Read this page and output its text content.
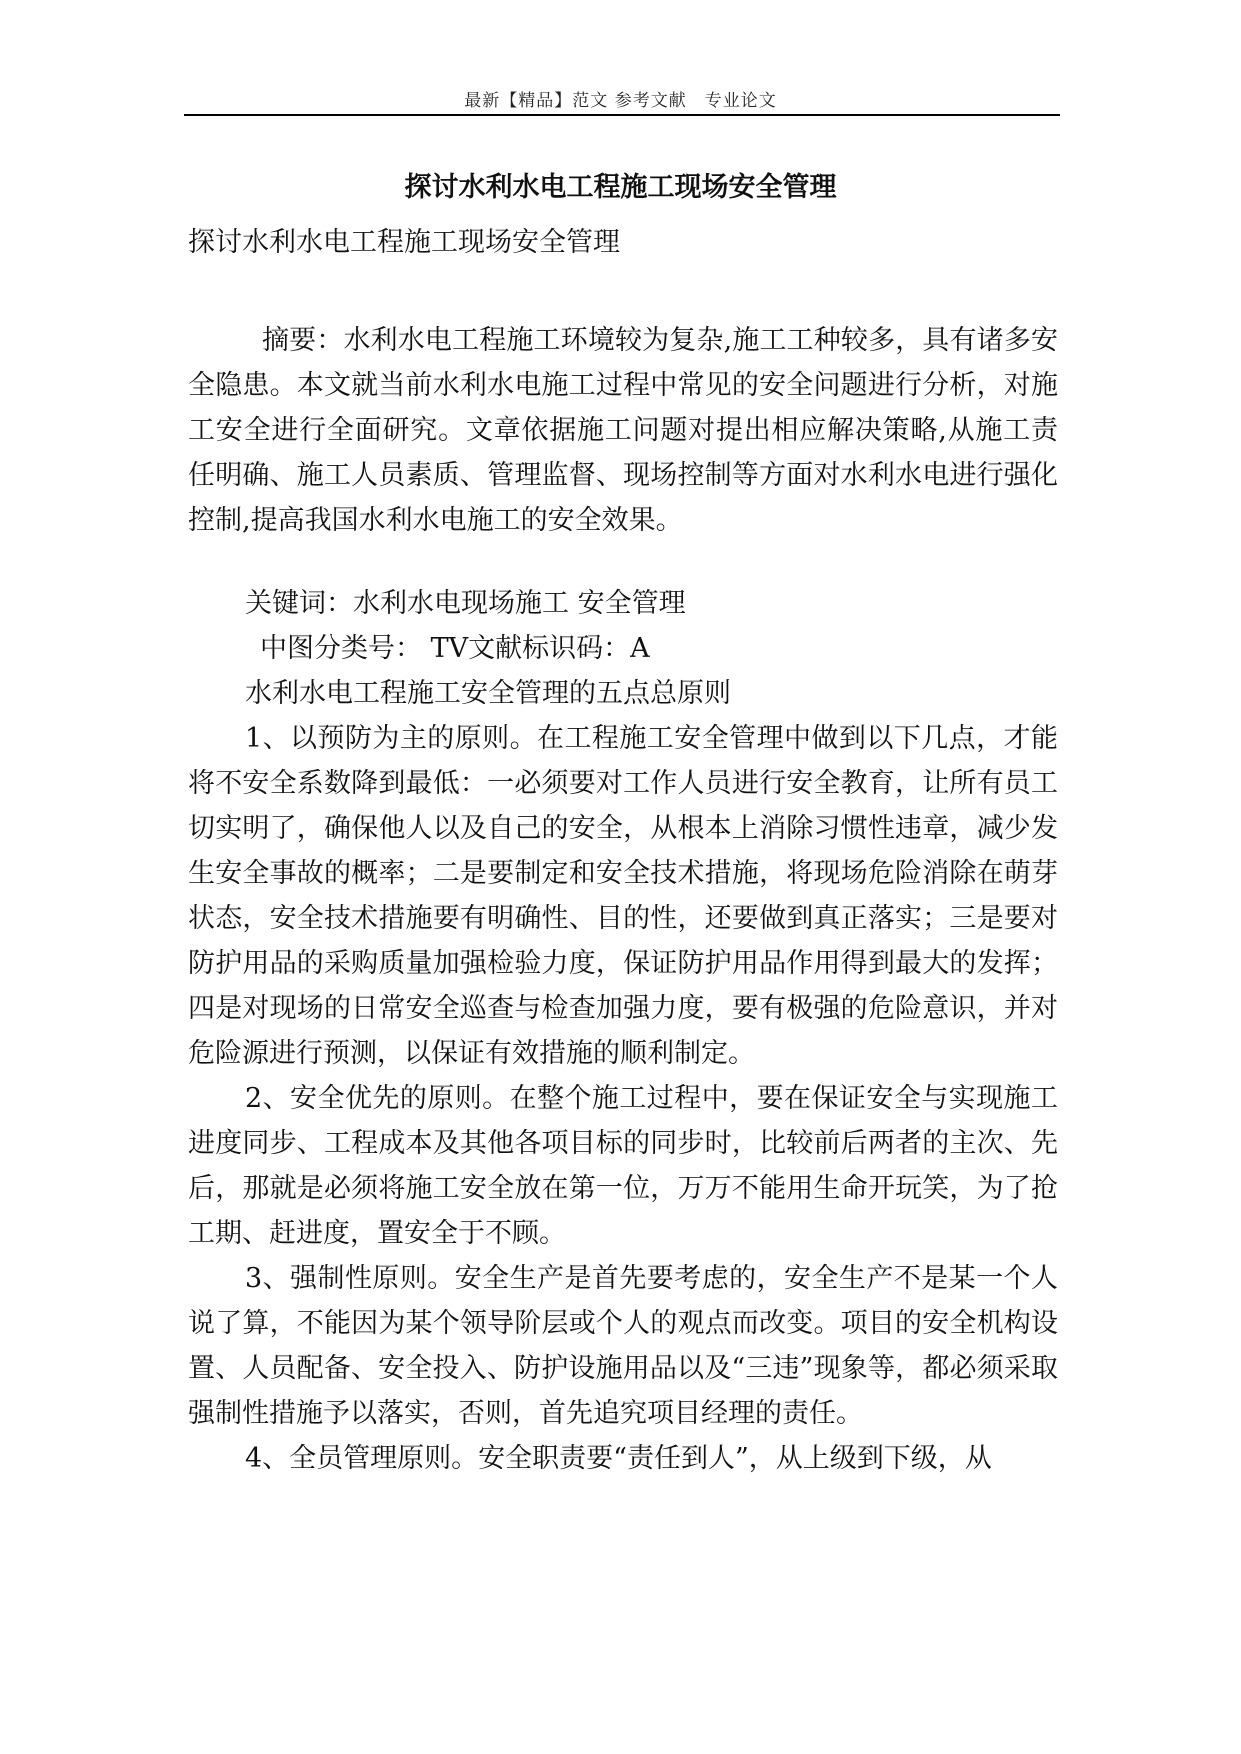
最新【精品】范文 参考文献　专业论文
探讨水利水电工程施工现场安全管理

探讨水利水电工程施工现场安全管理

摘要：水利水电工程施工环境较为复杂,施工工种较多，具有诸多安全隐患。本文就当前水利水电施工过程中常见的安全问题进行分析，对施工安全进行全面研究。文章依据施工问题对提出相应解决策略,从施工责任明确、施工人员素质、管理监督、现场控制等方面对水利水电进行强化控制,提高我国水利水电施工的安全效果。

关键词：水利水电现场施工 安全管理

中图分类号： TV文献标识码：A

水利水电工程施工安全管理的五点总原则

1、以预防为主的原则。在工程施工安全管理中做到以下几点，才能将不安全系数降到最低：一必须要对工作人员进行安全教育，让所有员工切实明了，确保他人以及自己的安全，从根本上消除习惯性违章，减少发生安全事故的概率；二是要制定和安全技术措施，将现场危险消除在萌芽状态，安全技术措施要有明确性、目的性，还要做到真正落实；三是要对防护用品的采购质量加强检验力度，保证防护用品作用得到最大的发挥；四是对现场的日常安全巡查与检查加强力度，要有极强的危险意识，并对危险源进行预测，以保证有效措施的顺利制定。

2、安全优先的原则。在整个施工过程中，要在保证安全与实现施工进度同步、工程成本及其他各项目标的同步时，比较前后两者的主次、先后，那就是必须将施工安全放在第一位，万万不能用生命开玩笑，为了抢工期、赶进度，置安全于不顾。

3、强制性原则。安全生产是首先要考虑的，安全生产不是某一个人说了算，不能因为某个领导阶层或个人的观点而改变。项目的安全机构设置、人员配备、安全投入、防护设施用品以及“三违”现象等，都必须采取强制性措施予以落实，否则，首先追究项目经理的责任。

4、全员管理原则。安全职责要“责任到人”，从上级到下级，从
